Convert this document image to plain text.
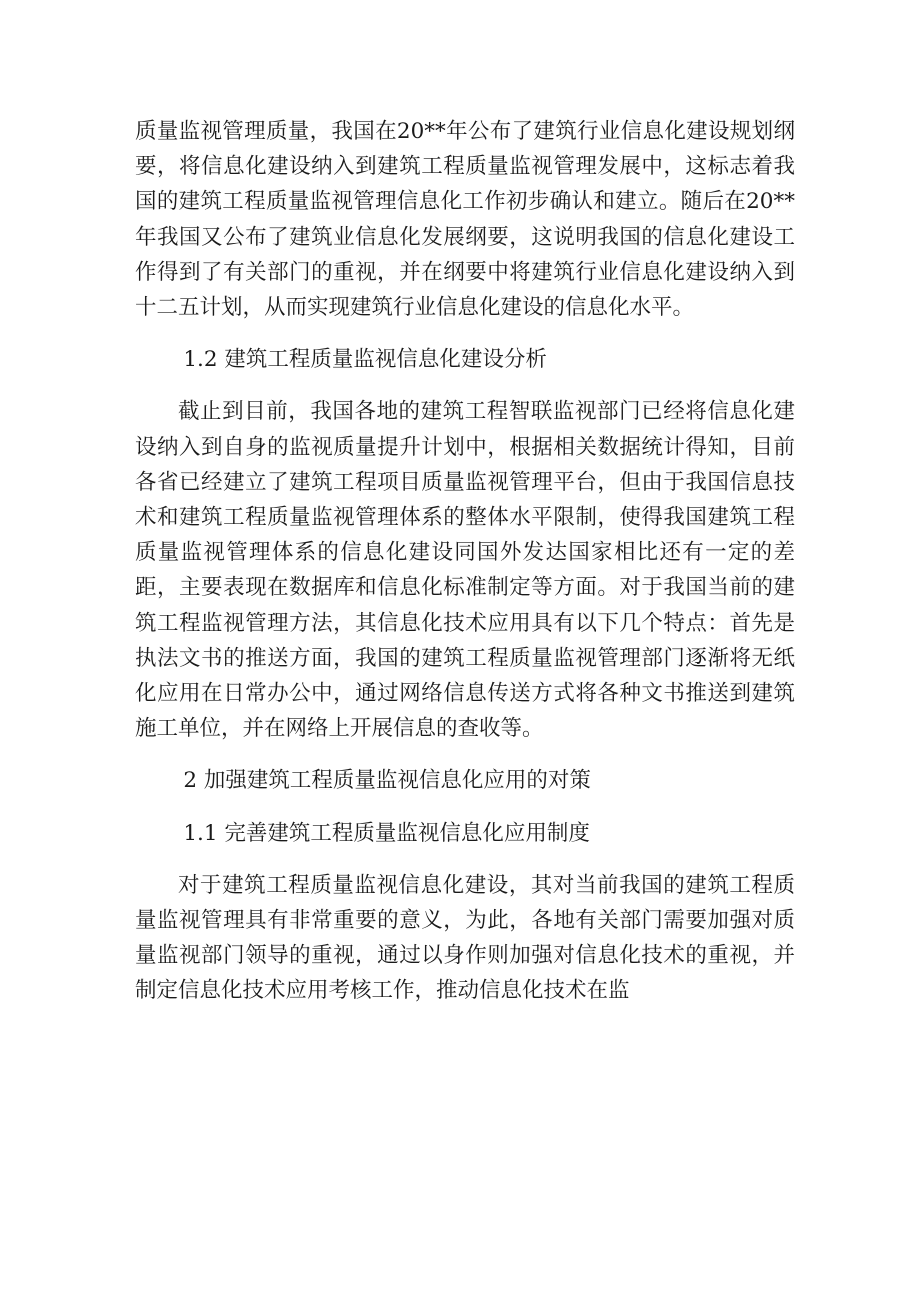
质量监视管理质量，我国在20**年公布了建筑行业信息化建设规划纲要，将信息化建设纳入到建筑工程质量监视管理发展中，这标志着我国的建筑工程质量监视管理信息化工作初步确认和建立。随后在20**年我国又公布了建筑业信息化发展纲要，这说明我国的信息化建设工作得到了有关部门的重视，并在纲要中将建筑行业信息化建设纳入到十二五计划，从而实现建筑行业信息化建设的信息化水平。

1.2 建筑工程质量监视信息化建设分析

截止到目前，我国各地的建筑工程智联监视部门已经将信息化建设纳入到自身的监视质量提升计划中，根据相关数据统计得知，目前各省已经建立了建筑工程项目质量监视管理平台，但由于我国信息技术和建筑工程质量监视管理体系的整体水平限制，使得我国建筑工程质量监视管理体系的信息化建设同国外发达国家相比还有一定的差距，主要表现在数据库和信息化标准制定等方面。对于我国当前的建筑工程监视管理方法，其信息化技术应用具有以下几个特点：首先是执法文书的推送方面，我国的建筑工程质量监视管理部门逐渐将无纸化应用在日常办公中，通过网络信息传送方式将各种文书推送到建筑施工单位，并在网络上开展信息的查收等。

2 加强建筑工程质量监视信息化应用的对策

1.1 完善建筑工程质量监视信息化应用制度

对于建筑工程质量监视信息化建设，其对当前我国的建筑工程质量监视管理具有非常重要的意义，为此，各地有关部门需要加强对质量监视部门领导的重视，通过以身作则加强对信息化技术的重视，并制定信息化技术应用考核工作，推动信息化技术在监
